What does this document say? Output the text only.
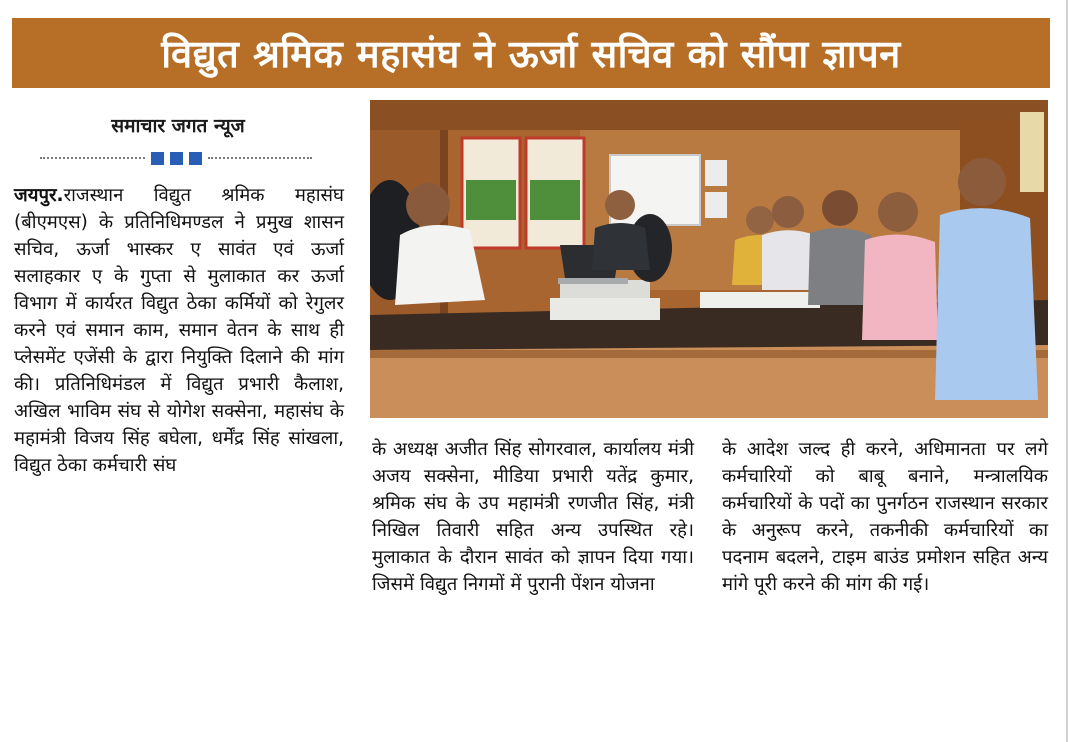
विद्युत श्रमिक महासंघ ने ऊर्जा सचिव को सौंपा ज्ञापन
समाचार जगत न्यूज

जयपुर.राजस्थान विद्युत श्रमिक महासंघ (बीएमएस) के प्रतिनिधिमण्डल ने प्रमुख शासन सचिव, ऊर्जा भास्कर ए सावंत एवं ऊर्जा सलाहकार ए के गुप्ता से मुलाकात कर ऊर्जा विभाग में कार्यरत विद्युत ठेका कर्मियों को रेगुलर करने एवं समान काम, समान वेतन के साथ ही प्लेसमेंट एजेंसी के द्वारा नियुक्ति दिलाने की मांग की। प्रतिनिधिमंडल में विद्युत प्रभारी कैलाश, अखिल भाविम संघ से योगेश सक्सेना, महासंघ के महामंत्री विजय सिंह बघेला, धर्मेंद्र सिंह सांखला, विद्युत ठेका कर्मचारी संघ

के अध्यक्ष अजीत सिंह सोगरवाल, कार्यालय मंत्री अजय सक्सेना, मीडिया प्रभारी यतेंद्र कुमार, श्रमिक संघ के उप महामंत्री रणजीत सिंह, मंत्री निखिल तिवारी सहित अन्य उपस्थित रहे। मुलाकात के दौरान सावंत को ज्ञापन दिया गया। जिसमें विद्युत निगमों में पुरानी पेंशन योजना

के आदेश जल्द ही करने, अधिमानता पर लगे कर्मचारियों को बाबू बनाने, मन्त्रालयिक कर्मचारियों के पदों का पुनर्गठन राजस्थान सरकार के अनुरूप करने, तकनीकी कर्मचारियों का पदनाम बदलने, टाइम बाउंड प्रमोशन सहित अन्य मांगे पूरी करने की मांग की गई।
